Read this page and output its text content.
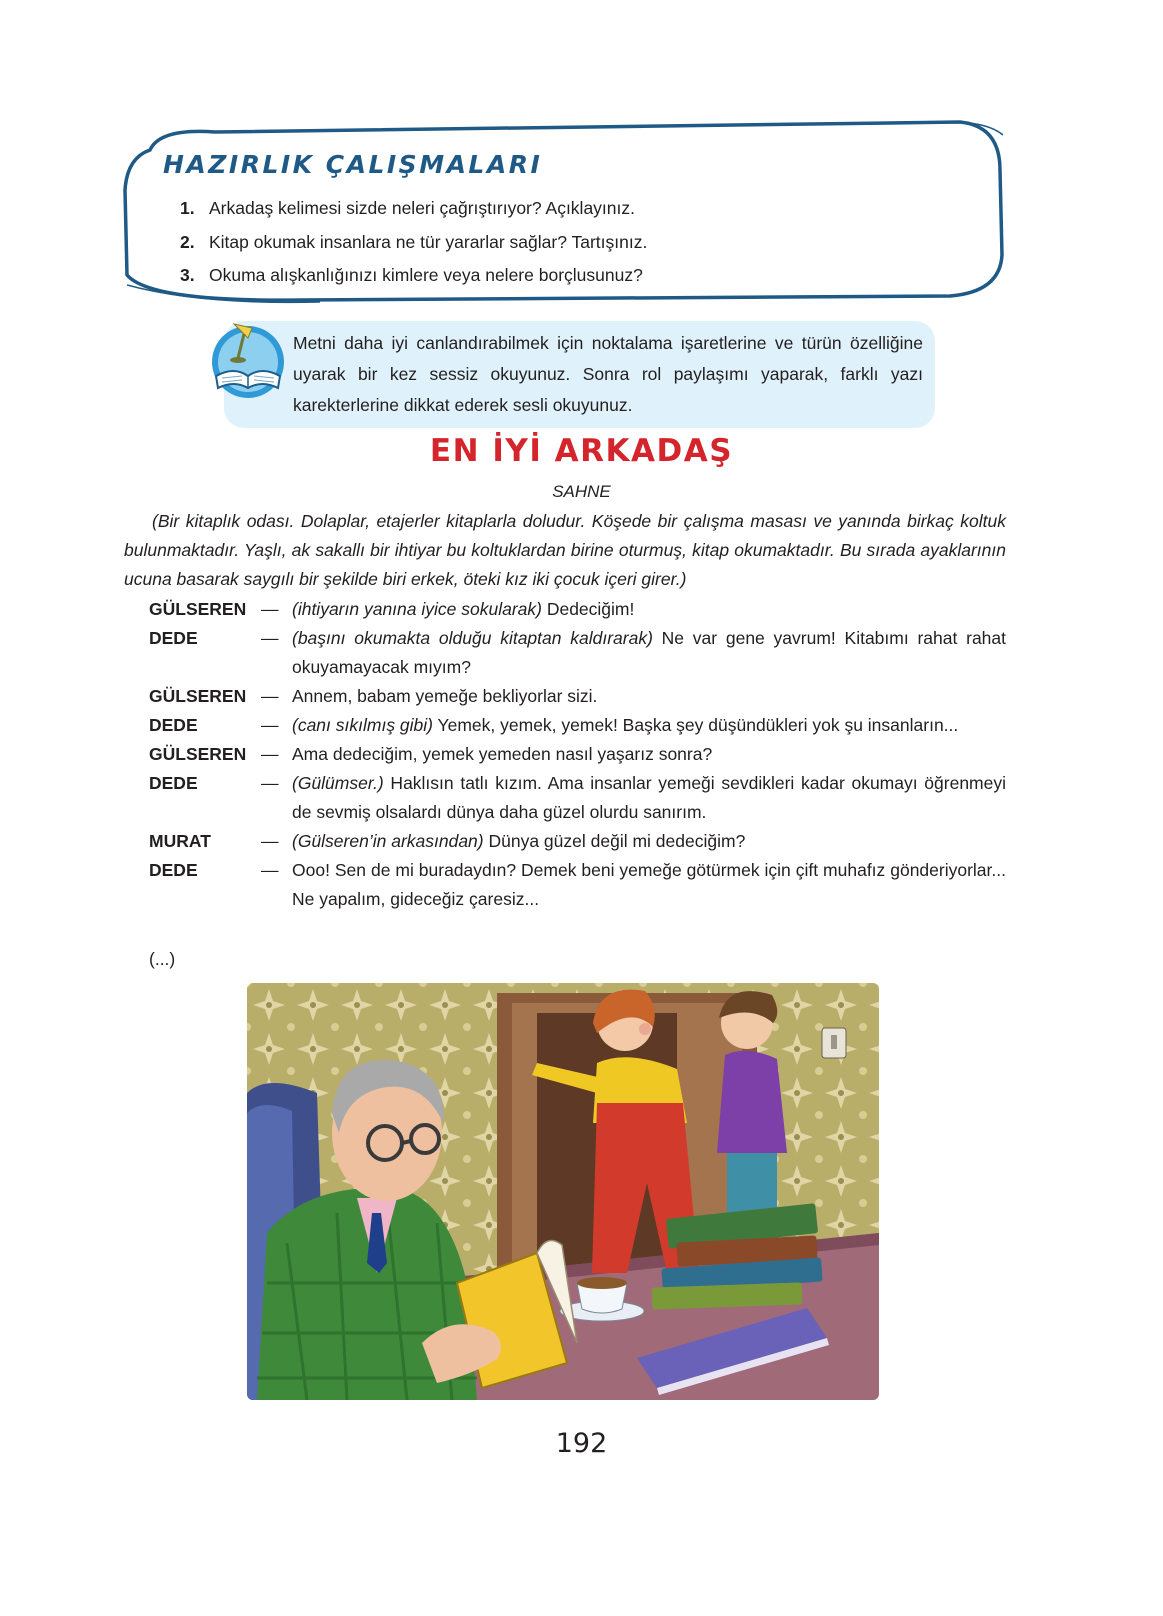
HAZIRLIK ÇALIŞMALARI
1. Arkadaş kelimesi sizde neleri çağrıştırıyor? Açıklayınız.
2. Kitap okumak insanlara ne tür yararlar sağlar? Tartışınız.
3. Okuma alışkanlığınızı kimlere veya nelere borçlusunuz?

Metni daha iyi canlandırabilmek için noktalama işaretlerine ve türün özelliğine uyarak bir kez sessiz okuyunuz. Sonra rol paylaşımı yaparak, farklı yazı karekterlerine dikkat ederek sesli okuyunuz.

EN İYİ ARKADAŞ
SAHNE

(Bir kitaplık odası. Dolaplar, etajerler kitaplarla doludur. Köşede bir çalışma masası ve yanında birkaç koltuk bulunmaktadır. Yaşlı, ak sakallı bir ihtiyar bu koltuklardan birine oturmuş, kitap okumaktadır. Bu sırada ayaklarının ucuna basarak saygılı bir şekilde biri erkek, öteki kız iki çocuk içeri girer.)

GÜLSEREN — (ihtiyarın yanına iyice sokularak) Dedeciğim!
DEDE	— (başını okumakta olduğu kitaptan kaldırarak) Ne var gene yavrum! Kitabımı rahat rahat okuyamayacak mıyım?
GÜLSEREN — Annem, babam yemeğe bekliyorlar sizi.
DEDE	— (canı sıkılmış gibi) Yemek, yemek, yemek! Başka şey düşündükleri yok şu insanların...
GÜLSEREN — Ama dedeciğim, yemek yemeden nasıl yaşarız sonra?
DEDE	— (Gülümser.) Haklısın tatlı kızım. Ama insanlar yemeği sevdikleri kadar okumayı öğrenmeyi de sevmiş olsalardı dünya daha güzel olurdu sanırım.
MURAT	— (Gülseren’in arkasından) Dünya güzel değil mi dedeciğim?
DEDE	— Ooo! Sen de mi buradaydın? Demek beni yemeğe götürmek için çift muhafız gönderiyorlar... Ne yapalım, gideceğiz çaresiz...
(...)
192
